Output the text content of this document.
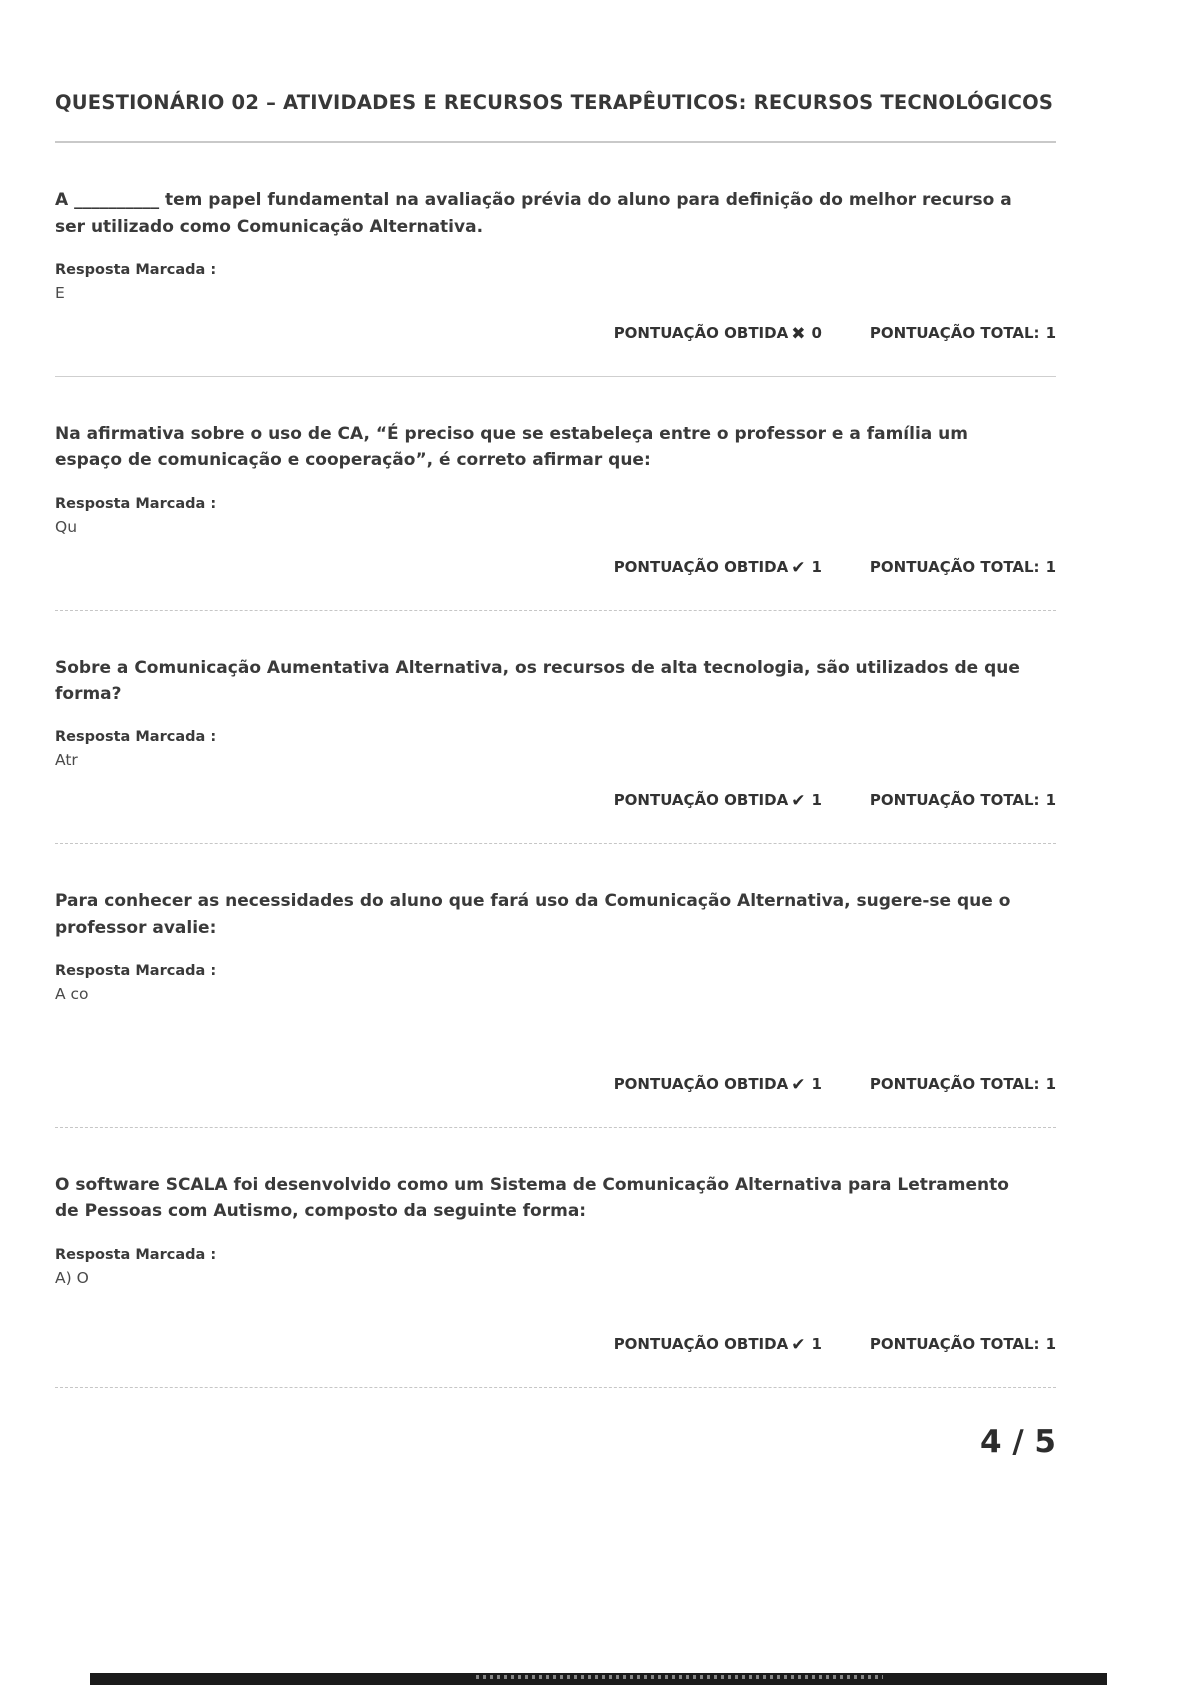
QUESTIONÁRIO 02 – ATIVIDADES E RECURSOS TERAPÊUTICOS: RECURSOS TECNOLÓGICOS

A __________ tem papel fundamental na avaliação prévia do aluno para definição do melhor recurso a ser utilizado como Comunicação Alternativa.

Resposta Marcada :

E

PONTUAÇÃO OBTIDA ✖ 0	PONTUAÇÃO TOTAL: 1

Na afirmativa sobre o uso de CA, “É preciso que se estabeleça entre o professor e a família um espaço de comunicação e cooperação”, é correto afirmar que:

Resposta Marcada :

Qu

PONTUAÇÃO OBTIDA ✔ 1	PONTUAÇÃO TOTAL: 1

Sobre a Comunicação Aumentativa Alternativa, os recursos de alta tecnologia, são utilizados de que forma?

Resposta Marcada :

Atr

PONTUAÇÃO OBTIDA ✔ 1	PONTUAÇÃO TOTAL: 1

Para conhecer as necessidades do aluno que fará uso da Comunicação Alternativa, sugere-se que o professor avalie:

Resposta Marcada :

A co

PONTUAÇÃO OBTIDA ✔ 1	PONTUAÇÃO TOTAL: 1

O software SCALA foi desenvolvido como um Sistema de Comunicação Alternativa para Letramento de Pessoas com Autismo, composto da seguinte forma:

Resposta Marcada :

A) O

PONTUAÇÃO OBTIDA ✔ 1	PONTUAÇÃO TOTAL: 1
4 / 5
